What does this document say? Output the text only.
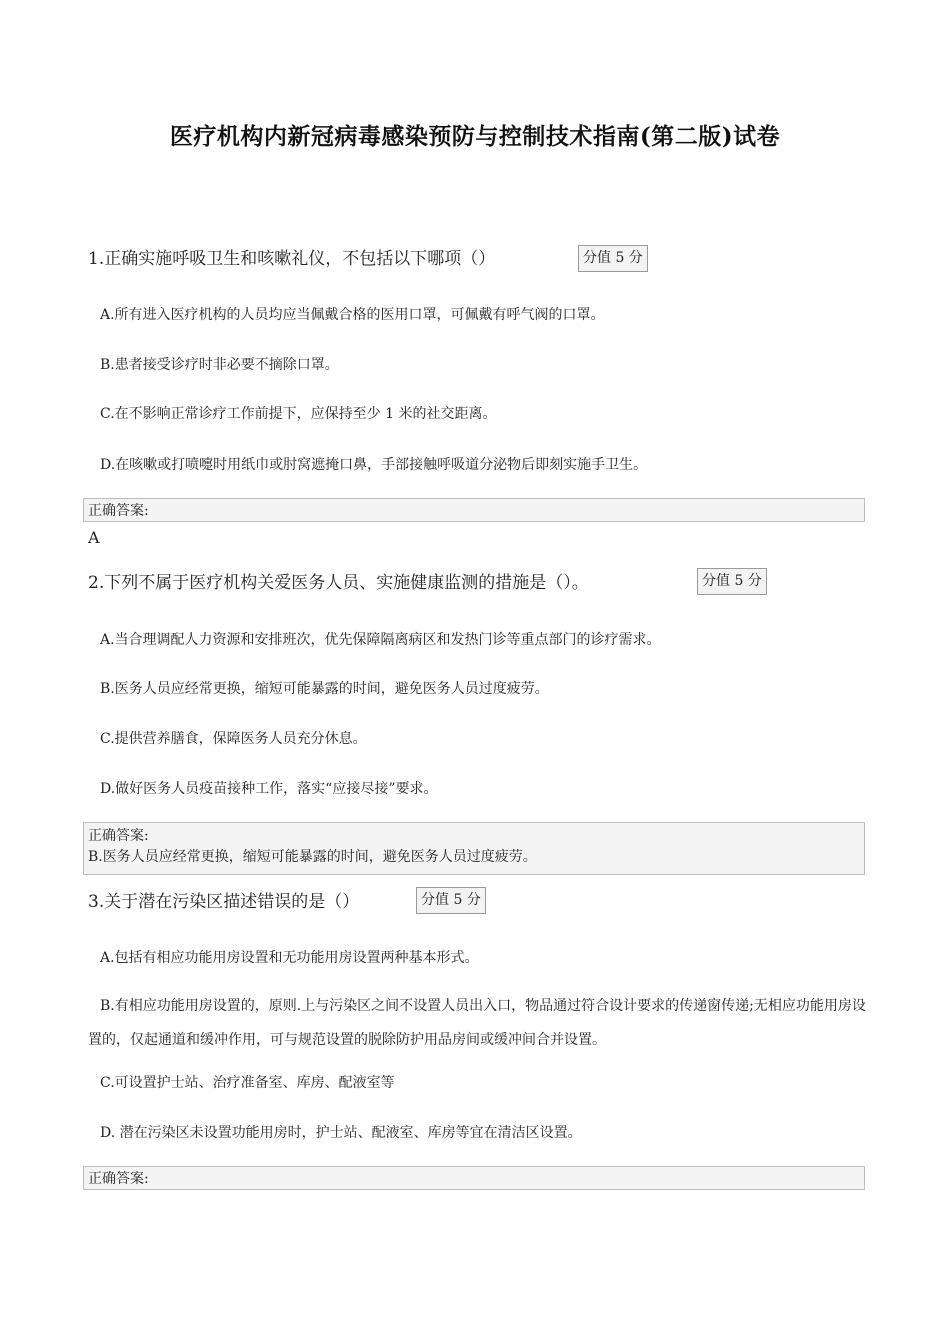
医疗机构内新冠病毒感染预防与控制技术指南(第二版)试卷
1.正确实施呼吸卫生和咳嗽礼仪，不包括以下哪项（）	分值 5 分
A.所有进入医疗机构的人员均应当佩戴合格的医用口罩，可佩戴有呼气阀的口罩。
B.患者接受诊疗时非必要不摘除口罩。
C.在不影响正常诊疗工作前提下，应保持至少 1 米的社交距离。
D.在咳嗽或打喷嚏时用纸巾或肘窝遮掩口鼻，手部接触呼吸道分泌物后即刻实施手卫生。
正确答案:
A
2.下列不属于医疗机构关爱医务人员、实施健康监测的措施是（）。	分值 5 分
A.当合理调配人力资源和安排班次，优先保障隔离病区和发热门诊等重点部门的诊疗需求。
B.医务人员应经常更换，缩短可能暴露的时间，避免医务人员过度疲劳。
C.提供营养膳食，保障医务人员充分休息。
D.做好医务人员疫苗接种工作，落实“应接尽接”要求。
正确答案:
B.医务人员应经常更换，缩短可能暴露的时间，避免医务人员过度疲劳。
3.关于潜在污染区描述错误的是（）	分值 5 分
A.包括有相应功能用房设置和无功能用房设置两种基本形式。
B.有相应功能用房设置的，原则.上与污染区之间不设置人员出入口，物品通过符合设计要求的传递窗传递;无相应功能用房设置的，仅起通道和缓冲作用，可与规范设置的脱除防护用品房间或缓冲间合并设置。
C.可设置护士站、治疗准备室、库房、配液室等
D. 潜在污染区未设置功能用房时，护士站、配液室、库房等宜在清洁区设置。
正确答案:
